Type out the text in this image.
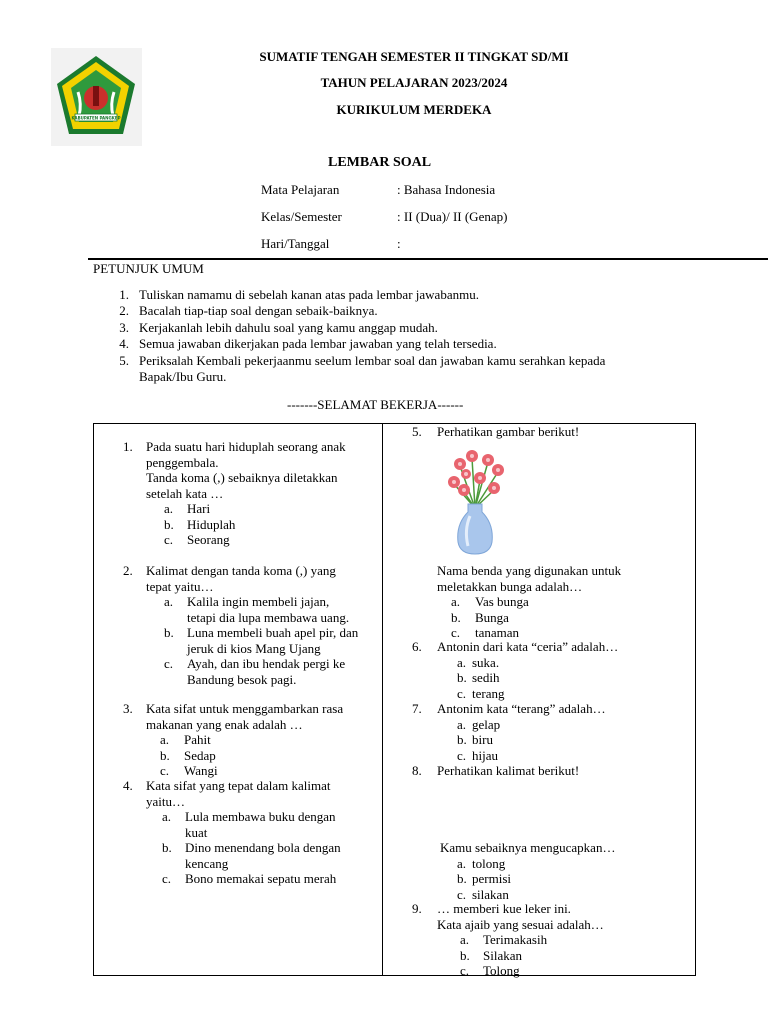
KABUPATEN PANGKEP
SUMATIF TENGAH SEMESTER II TINGKAT SD/MI
TAHUN PELAJARAN 2023/2024
KURIKULUM MERDEKA
LEMBAR SOAL
Mata Pelajaran	: Bahasa Indonesia
Kelas/Semester	: II (Dua)/ II (Genap)
Hari/Tanggal	:
PETUNJUK UMUM
1. Tuliskan namamu di sebelah kanan atas pada lembar jawabanmu.
2. Bacalah tiap-tiap soal dengan sebaik-baiknya.
3. Kerjakanlah lebih dahulu soal yang kamu anggap mudah.
4. Semua jawaban dikerjakan pada lembar jawaban yang telah tersedia.
5. Periksalah Kembali pekerjaanmu seelum lembar soal dan jawaban kamu serahkan kepada
Bapak/Ibu Guru.
-------SELAMAT BEKERJA------
1. Pada suatu hari hiduplah seorang anak
penggembala.
Tanda koma (,) sebaiknya diletakkan
setelah kata …
a. Hari
b. Hiduplah
c. Seorang
2. Kalimat dengan tanda koma (,) yang
tepat yaitu…
a. Kalila ingin membeli jajan,
tetapi dia lupa membawa uang.
b. Luna membeli buah apel pir, dan
jeruk di kios Mang Ujang
c. Ayah, dan ibu hendak pergi ke
Bandung besok pagi.
3. Kata sifat untuk menggambarkan rasa
makanan yang enak adalah …
a. Pahit
b. Sedap
c. Wangi
4. Kata sifat yang tepat dalam kalimat
yaitu…
a. Lula membawa buku dengan
kuat
b. Dino menendang bola dengan
kencang
c. Bono memakai sepatu merah
5. Perhatikan gambar berikut!
Nama benda yang digunakan untuk
meletakkan bunga adalah…
a. Vas bunga
b. Bunga
c. tanaman
6. Antonin dari kata “ceria” adalah…
a. suka.
b. sedih
c. terang
7. Antonim kata “terang” adalah…
a. gelap
b. biru
c. hijau
8. Perhatikan kalimat berikut!
Kamu sebaiknya mengucapkan…
a. tolong
b. permisi
c. silakan
9. … memberi kue leker ini.
Kata ajaib yang sesuai adalah…
a. Terimakasih
b. Silakan
c. Tolong
